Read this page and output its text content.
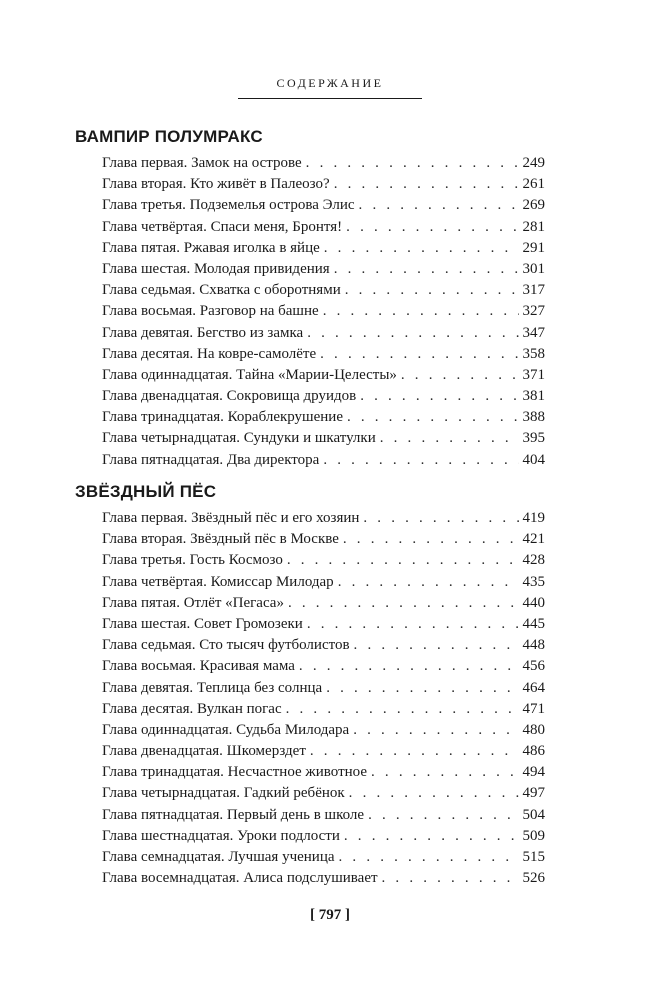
СОДЕРЖАНИЕ
ВАМПИР ПОЛУМРАКС
Глава первая. Замок на острове . . .	249
Глава вторая. Кто живёт в Палеозо? . . .	261
Глава третья. Подземелья острова Элис . . .	269
Глава четвёртая. Спаси меня, Бронтя! . . .	281
Глава пятая. Ржавая иголка в яйце . . .	291
Глава шестая. Молодая привидения . . .	301
Глава седьмая. Схватка с оборотнями . . .	317
Глава восьмая. Разговор на башне . . .	327
Глава девятая. Бегство из замка . . .	347
Глава десятая. На ковре-самолёте . . .	358
Глава одиннадцатая. Тайна «Марии-Целесты» . . .	371
Глава двенадцатая. Сокровища друидов . . .	381
Глава тринадцатая. Кораблекрушение . . .	388
Глава четырнадцатая. Сундуки и шкатулки . . .	395
Глава пятнадцатая. Два директора . . .	404
ЗВЁЗДНЫЙ ПЁС
Глава первая. Звёздный пёс и его хозяин . . .	419
Глава вторая. Звёздный пёс в Москве . . .	421
Глава третья. Гость Космозо . . .	428
Глава четвёртая. Комиссар Милодар . . .	435
Глава пятая. Отлёт «Пегаса» . . .	440
Глава шестая. Совет Громозеки . . .	445
Глава седьмая. Сто тысяч футболистов . . .	448
Глава восьмая. Красивая мама . . .	456
Глава девятая. Теплица без солнца . . .	464
Глава десятая. Вулкан погас . . .	471
Глава одиннадцатая. Судьба Милодара . . .	480
Глава двенадцатая. Шкомерздет . . .	486
Глава тринадцатая. Несчастное животное . . .	494
Глава четырнадцатая. Гадкий ребёнок . . .	497
Глава пятнадцатая. Первый день в школе . . .	504
Глава шестнадцатая. Уроки подлости . . .	509
Глава семнадцатая. Лучшая ученица . . .	515
Глава восемнадцатая. Алиса подслушивает . . .	526
[ 797 ]
